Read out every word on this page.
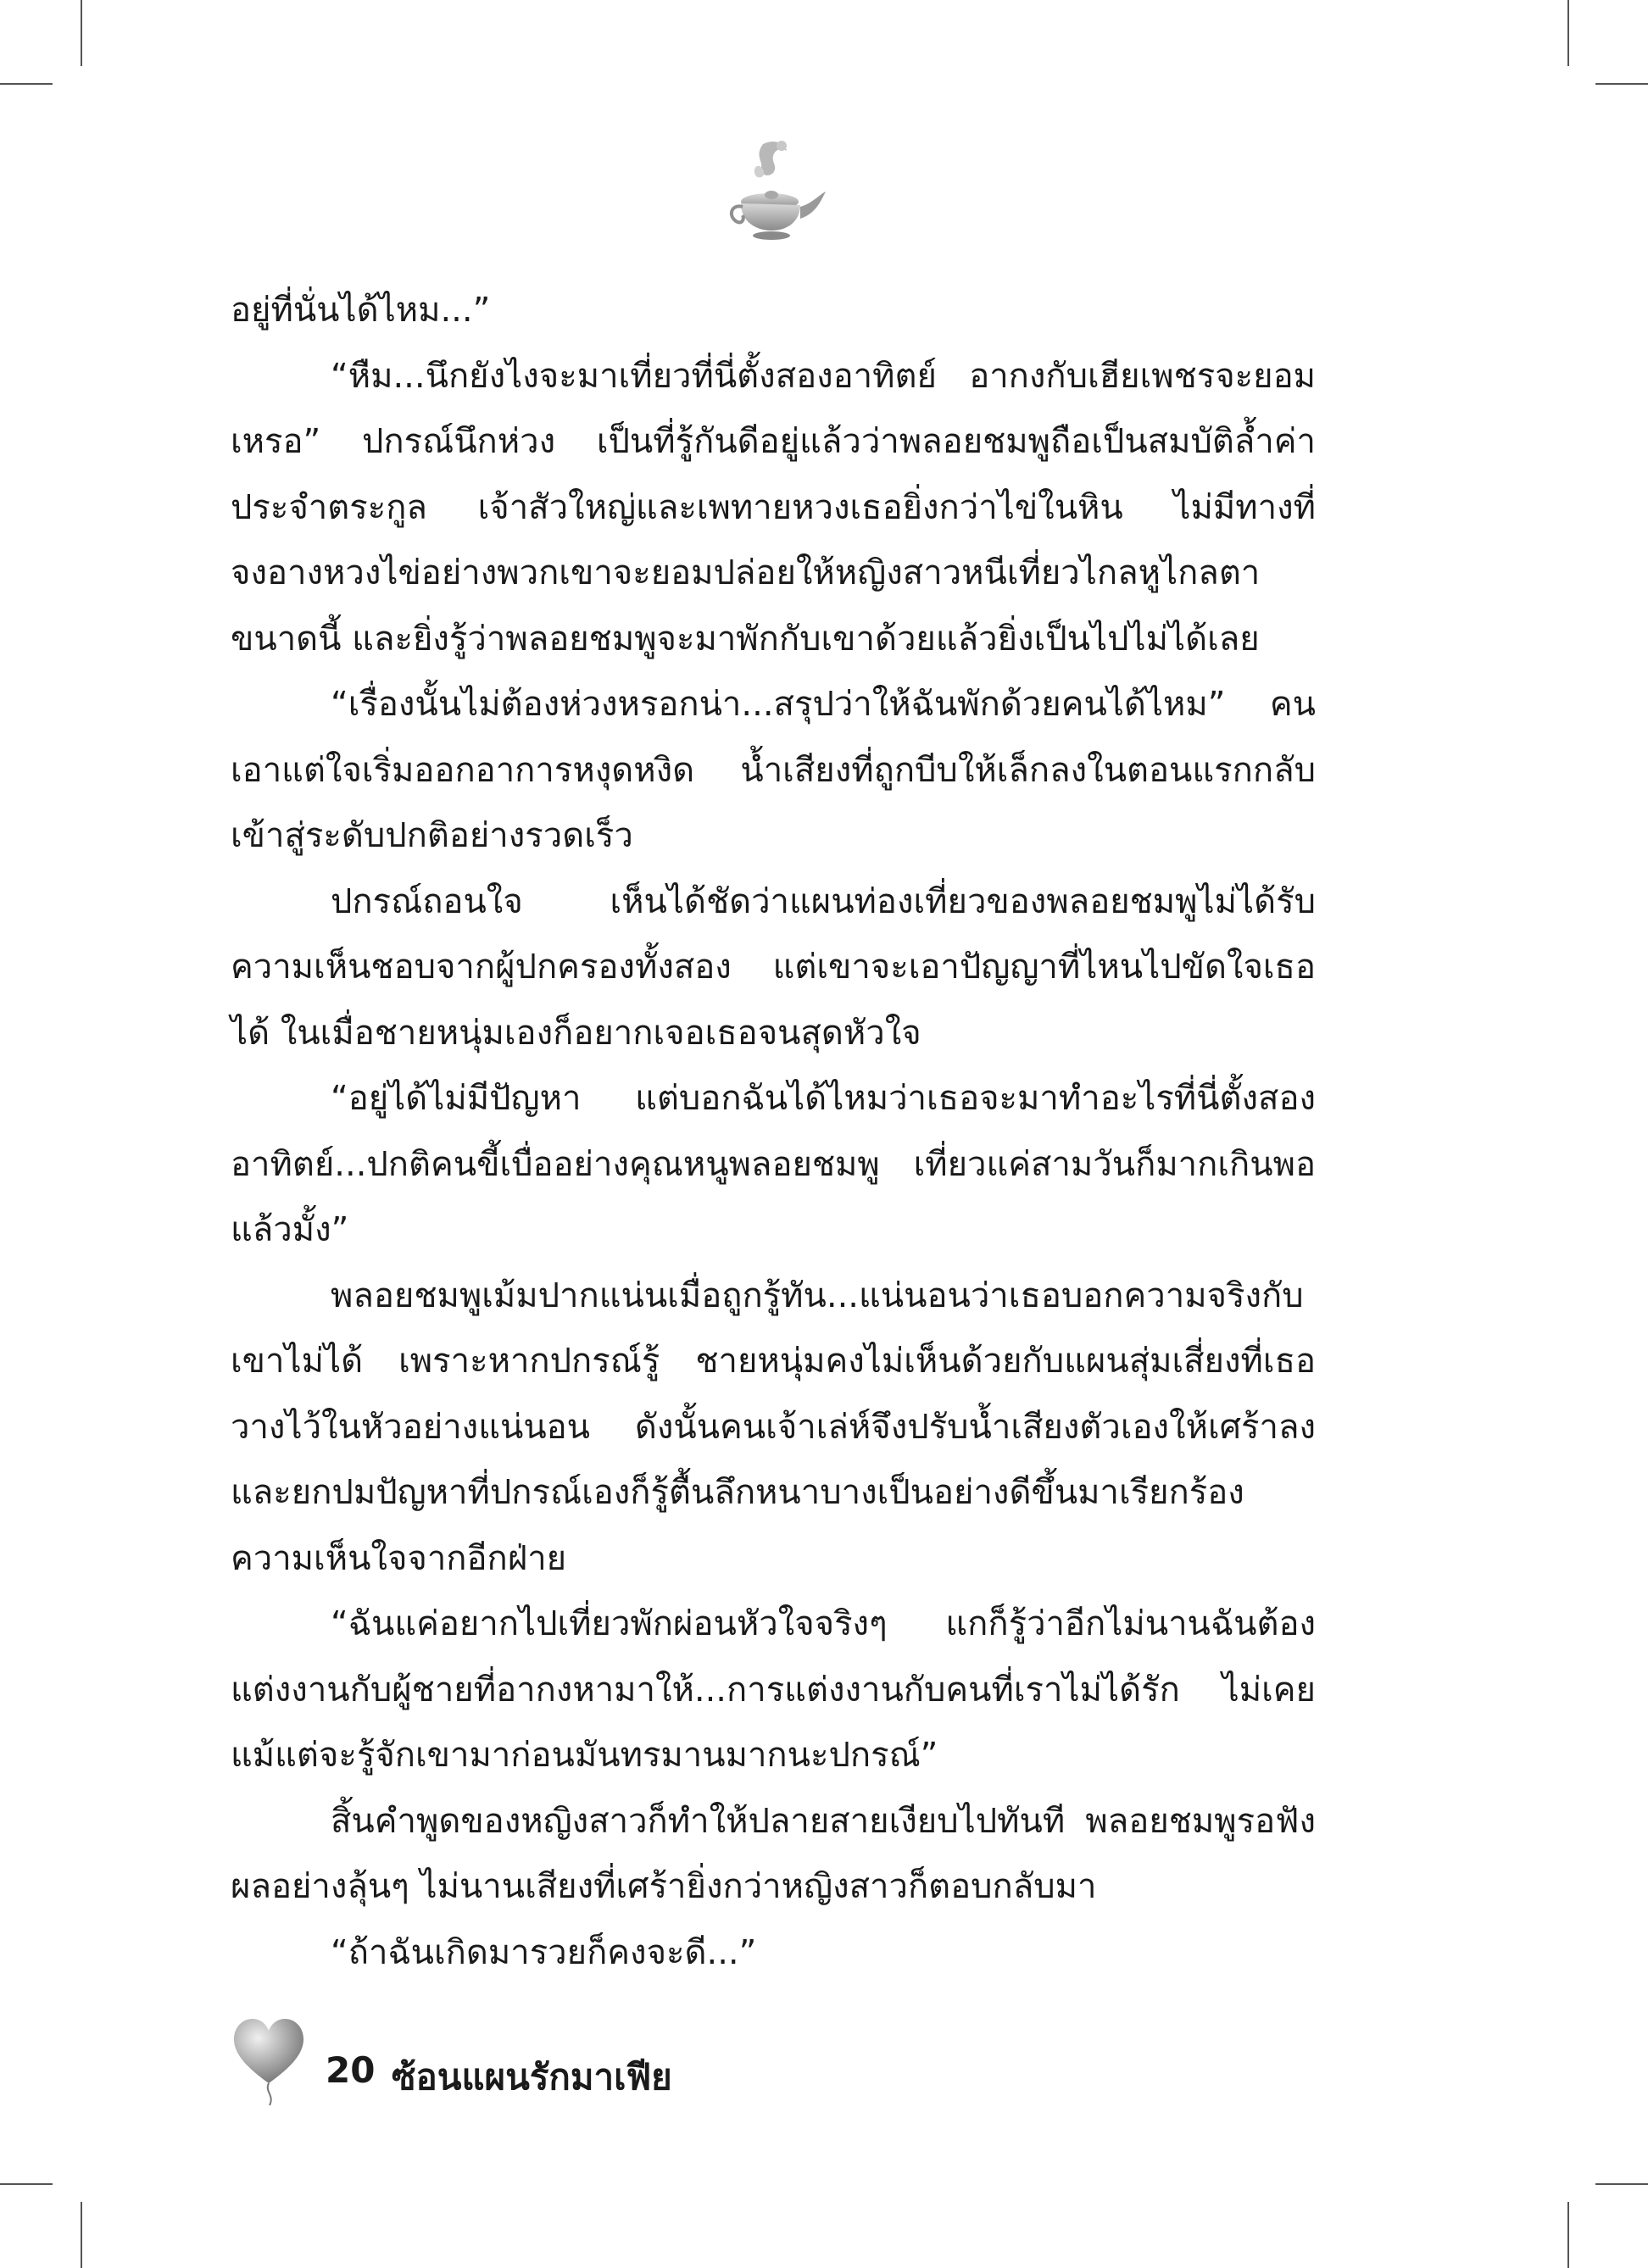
อยู่ที่นั่นได้ไหม...”

“หืม...นึกยังไงจะมาเที่ยวที่นี่ตั้งสองอาทิตย์ อากงกับเฮียเพชรจะยอมเหรอ” ปกรณ์นึกห่วง เป็นที่รู้กันดีอยู่แล้วว่าพลอยชมพูถือเป็นสมบัติล้ำค่าประจำตระกูล เจ้าสัวใหญ่และเพทายหวงเธอยิ่งกว่าไข่ในหิน ไม่มีทางที่จงอางหวงไข่อย่างพวกเขาจะยอมปล่อยให้หญิงสาวหนีเที่ยวไกลหูไกลตาขนาดนี้ และยิ่งรู้ว่าพลอยชมพูจะมาพักกับเขาด้วยแล้วยิ่งเป็นไปไม่ได้เลย

“เรื่องนั้นไม่ต้องห่วงหรอกน่า...สรุปว่าให้ฉันพักด้วยคนได้ไหม” คนเอาแต่ใจเริ่มออกอาการหงุดหงิด น้ำเสียงที่ถูกบีบให้เล็กลงในตอนแรกกลับเข้าสู่ระดับปกติอย่างรวดเร็ว

ปกรณ์ถอนใจ เห็นได้ชัดว่าแผนท่องเที่ยวของพลอยชมพูไม่ได้รับความเห็นชอบจากผู้ปกครองทั้งสอง แต่เขาจะเอาปัญญาที่ไหนไปขัดใจเธอได้ ในเมื่อชายหนุ่มเองก็อยากเจอเธอจนสุดหัวใจ

“อยู่ได้ไม่มีปัญหา แต่บอกฉันได้ไหมว่าเธอจะมาทำอะไรที่นี่ตั้งสองอาทิตย์...ปกติคนขี้เบื่ออย่างคุณหนูพลอยชมพู เที่ยวแค่สามวันก็มากเกินพอแล้วมั้ง”

พลอยชมพูเม้มปากแน่นเมื่อถูกรู้ทัน...แน่นอนว่าเธอบอกความจริงกับเขาไม่ได้ เพราะหากปกรณ์รู้ ชายหนุ่มคงไม่เห็นด้วยกับแผนสุ่มเสี่ยงที่เธอวางไว้ในหัวอย่างแน่นอน ดังนั้นคนเจ้าเล่ห์จึงปรับน้ำเสียงตัวเองให้เศร้าลงและยกปมปัญหาที่ปกรณ์เองก็รู้ตื้นลึกหนาบางเป็นอย่างดีขึ้นมาเรียกร้องความเห็นใจจากอีกฝ่าย

“ฉันแค่อยากไปเที่ยวพักผ่อนหัวใจจริงๆ แกก็รู้ว่าอีกไม่นานฉันต้องแต่งงานกับผู้ชายที่อากงหามาให้...การแต่งงานกับคนที่เราไม่ได้รัก ไม่เคยแม้แต่จะรู้จักเขามาก่อนมันทรมานมากนะปกรณ์”

สิ้นคำพูดของหญิงสาวก็ทำให้ปลายสายเงียบไปทันที พลอยชมพูรอฟังผลอย่างลุ้นๆ ไม่นานเสียงที่เศร้ายิ่งกว่าหญิงสาวก็ตอบกลับมา

“ถ้าฉันเกิดมารวยก็คงจะดี...”

20 ซ้อนแผนรักมาเฟีย
